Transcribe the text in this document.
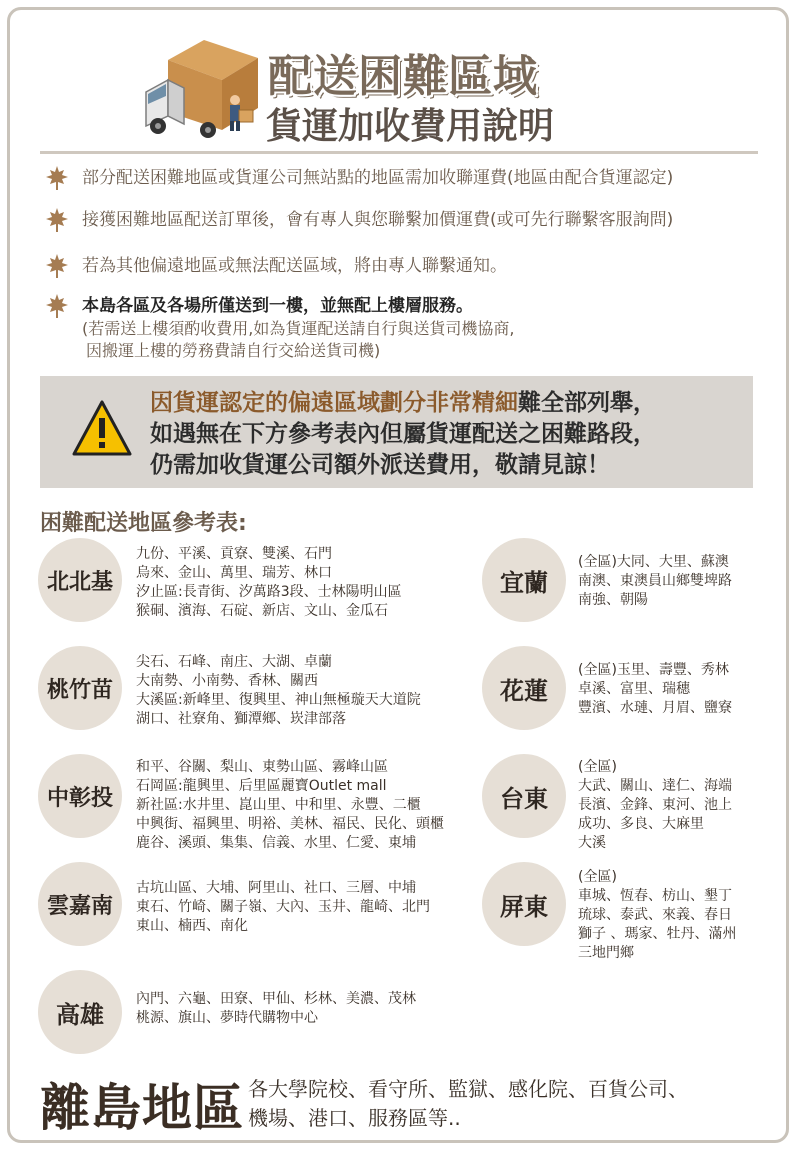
配送困難區域
貨運加收費用說明
部分配送困難地區或貨運公司無站點的地區需加收聯運費(地區由配合貨運認定)
接獲困難地區配送訂單後，會有專人與您聯繫加價運費(或可先行聯繫客服詢問)
若為其他偏遠地區或無法配送區域，將由專人聯繫通知。
本島各區及各場所僅送到一樓，並無配上樓層服務。
(若需送上樓須酌收費用,如為貨運配送請自行與送貨司機協商,
因搬運上樓的勞務費請自行交給送貨司機)
因貨運認定的偏遠區域劃分非常精細難全部列舉，
如遇無在下方參考表內但屬貨運配送之困難路段，
仍需加收貨運公司額外派送費用，敬請見諒！
困難配送地區參考表:
北北基
九份、平溪、貢寮、雙溪、石門
烏來、金山、萬里、瑞芳、林口
汐止區:長青街、汐萬路3段、士林陽明山區
猴硐、濱海、石碇、新店、文山、金瓜石
桃竹苗
尖石、石峰、南庄、大湖、卓蘭
大南勢、小南勢、香林、關西
大溪區:新峰里、復興里、神山無極璇天大道院
湖口、社寮角、獅潭鄉、崁津部落
中彰投
和平、谷關、梨山、東勢山區、霧峰山區
石岡區:龍興里、后里區麗寶Outlet mall
新社區:水井里、崑山里、中和里、永豐、二櫃
中興街、福興里、明裕、美林、福民、民化、頭櫃
鹿谷、溪頭、集集、信義、水里、仁愛、東埔
雲嘉南
古坑山區、大埔、阿里山、社口、三層、中埔
東石、竹崎、關子嶺、大內、玉井、龍崎、北門
東山、楠西、南化
高雄
內門、六龜、田寮、甲仙、杉林、美濃、茂林
桃源、旗山、夢時代購物中心
宜蘭
(全區)大同、大里、蘇澳
南澳、東澳員山鄉雙埤路
南強、朝陽
花蓮
(全區)玉里、壽豐、秀林
卓溪、富里、瑞穗
豐濱、水璉、月眉、鹽寮
台東
(全區)
大武、關山、達仁、海端
長濱、金鋒、東河、池上
成功、多良、大麻里
大溪
屏東
(全區)
車城、恆春、枋山、墾丁
琉球、泰武、來義、春日
獅子 、瑪家、牡丹、滿州
三地門鄉
離島地區 各大學院校、看守所、監獄、感化院、百貨公司、
機場、港口、服務區等..
